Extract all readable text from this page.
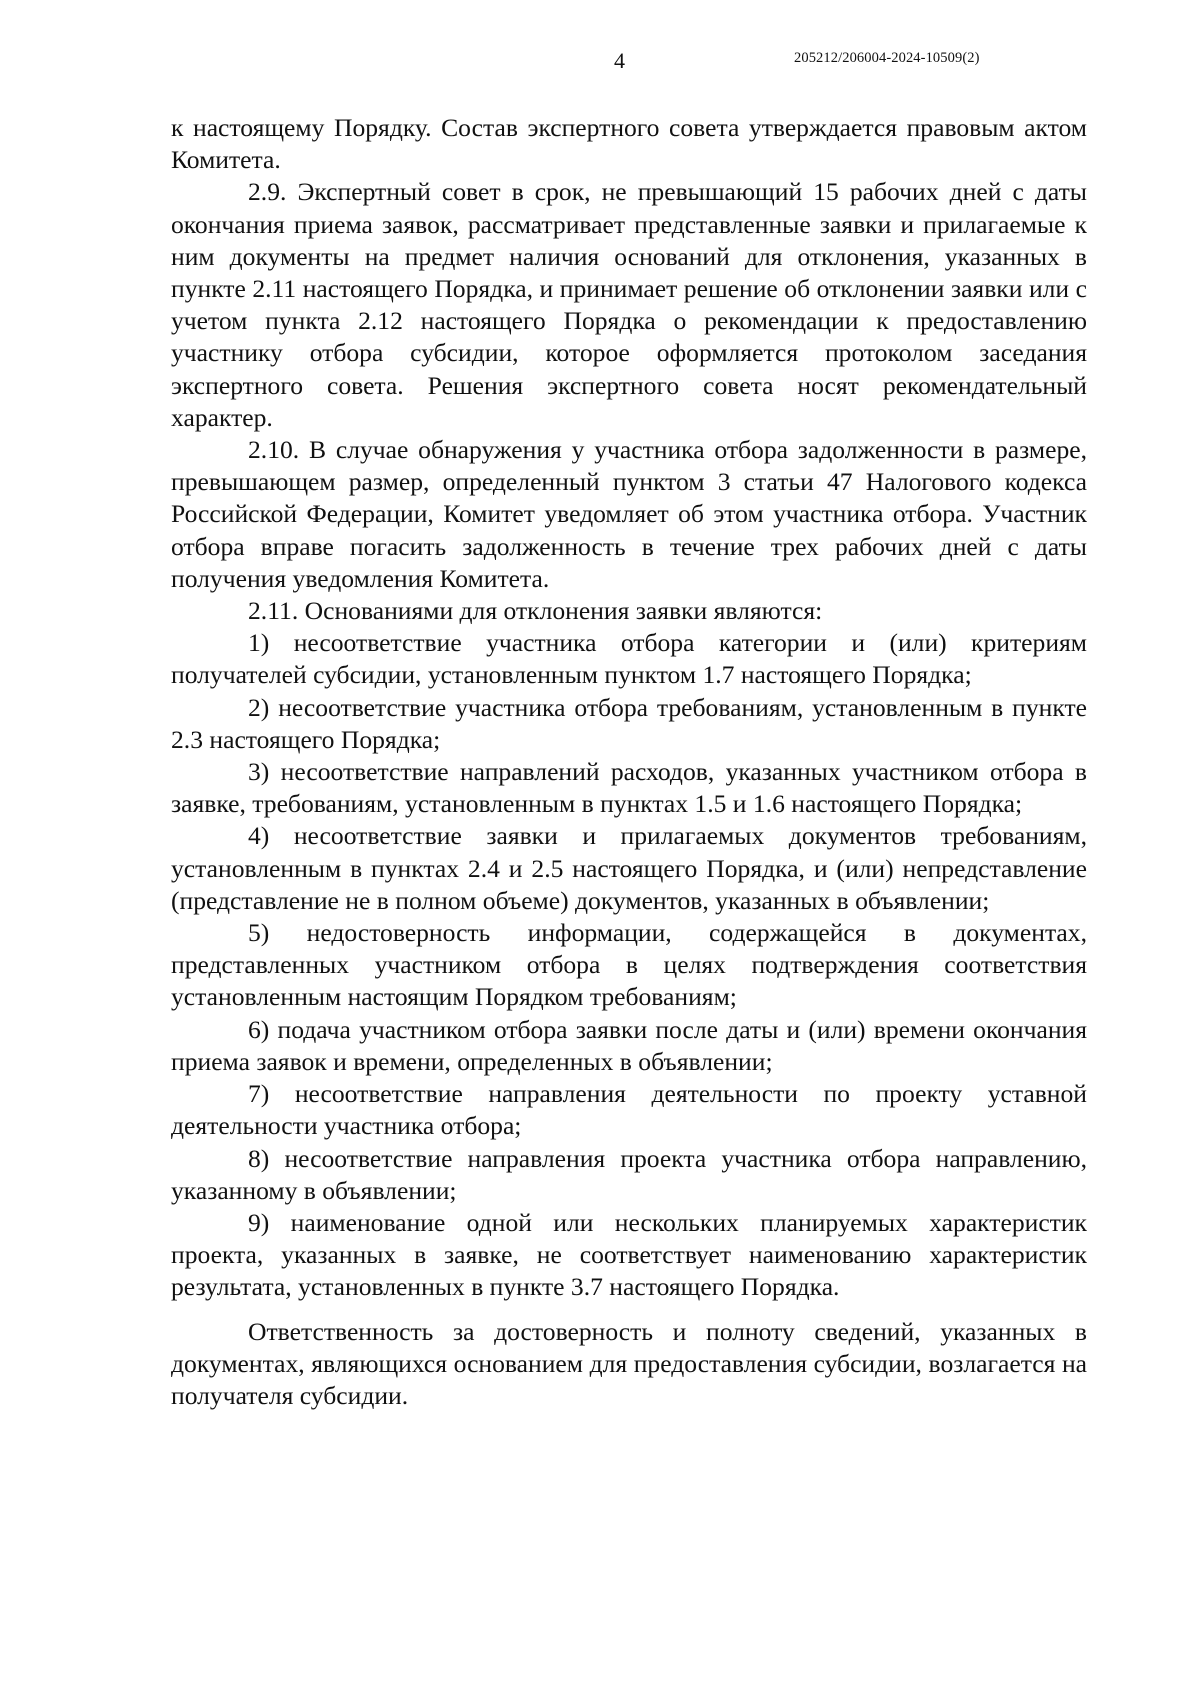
4	205212/206004-2024-10509(2)

к настоящему Порядку. Состав экспертного совета утверждается правовым актом Комитета.

2.9. Экспертный совет в срок, не превышающий 15 рабочих дней с даты окончания приема заявок, рассматривает представленные заявки и прилагаемые к ним документы на предмет наличия оснований для отклонения, указанных в пункте 2.11 настоящего Порядка, и принимает решение об отклонении заявки или с учетом пункта 2.12 настоящего Порядка о рекомендации к предоставлению участнику отбора субсидии, которое оформляется протоколом заседания экспертного совета. Решения экспертного совета носят рекомендательный характер.

2.10. В случае обнаружения у участника отбора задолженности в размере, превышающем размер, определенный пунктом 3 статьи 47 Налогового кодекса Российской Федерации, Комитет уведомляет об этом участника отбора. Участник отбора вправе погасить задолженность в течение трех рабочих дней с даты получения уведомления Комитета.

2.11. Основаниями для отклонения заявки являются:

1) несоответствие участника отбора категории и (или) критериям получателей субсидии, установленным пунктом 1.7 настоящего Порядка;

2) несоответствие участника отбора требованиям, установленным в пункте 2.3 настоящего Порядка;

3) несоответствие направлений расходов, указанных участником отбора в заявке, требованиям, установленным в пунктах 1.5 и 1.6 настоящего Порядка;

4) несоответствие заявки и прилагаемых документов требованиям, установленным в пунктах 2.4 и 2.5 настоящего Порядка, и (или) непредставление (представление не в полном объеме) документов, указанных в объявлении;

5) недостоверность информации, содержащейся в документах, представленных участником отбора в целях подтверждения соответствия установленным настоящим Порядком требованиям;

6) подача участником отбора заявки после даты и (или) времени окончания приема заявок и времени, определенных в объявлении;

7) несоответствие направления деятельности по проекту уставной деятельности участника отбора;

8) несоответствие направления проекта участника отбора направлению, указанному в объявлении;

9) наименование одной или нескольких планируемых характеристик проекта, указанных в заявке, не соответствует наименованию характеристик результата, установленных в пункте 3.7 настоящего Порядка.

Ответственность за достоверность и полноту сведений, указанных в документах, являющихся основанием для предоставления субсидии, возлагается на получателя субсидии.
